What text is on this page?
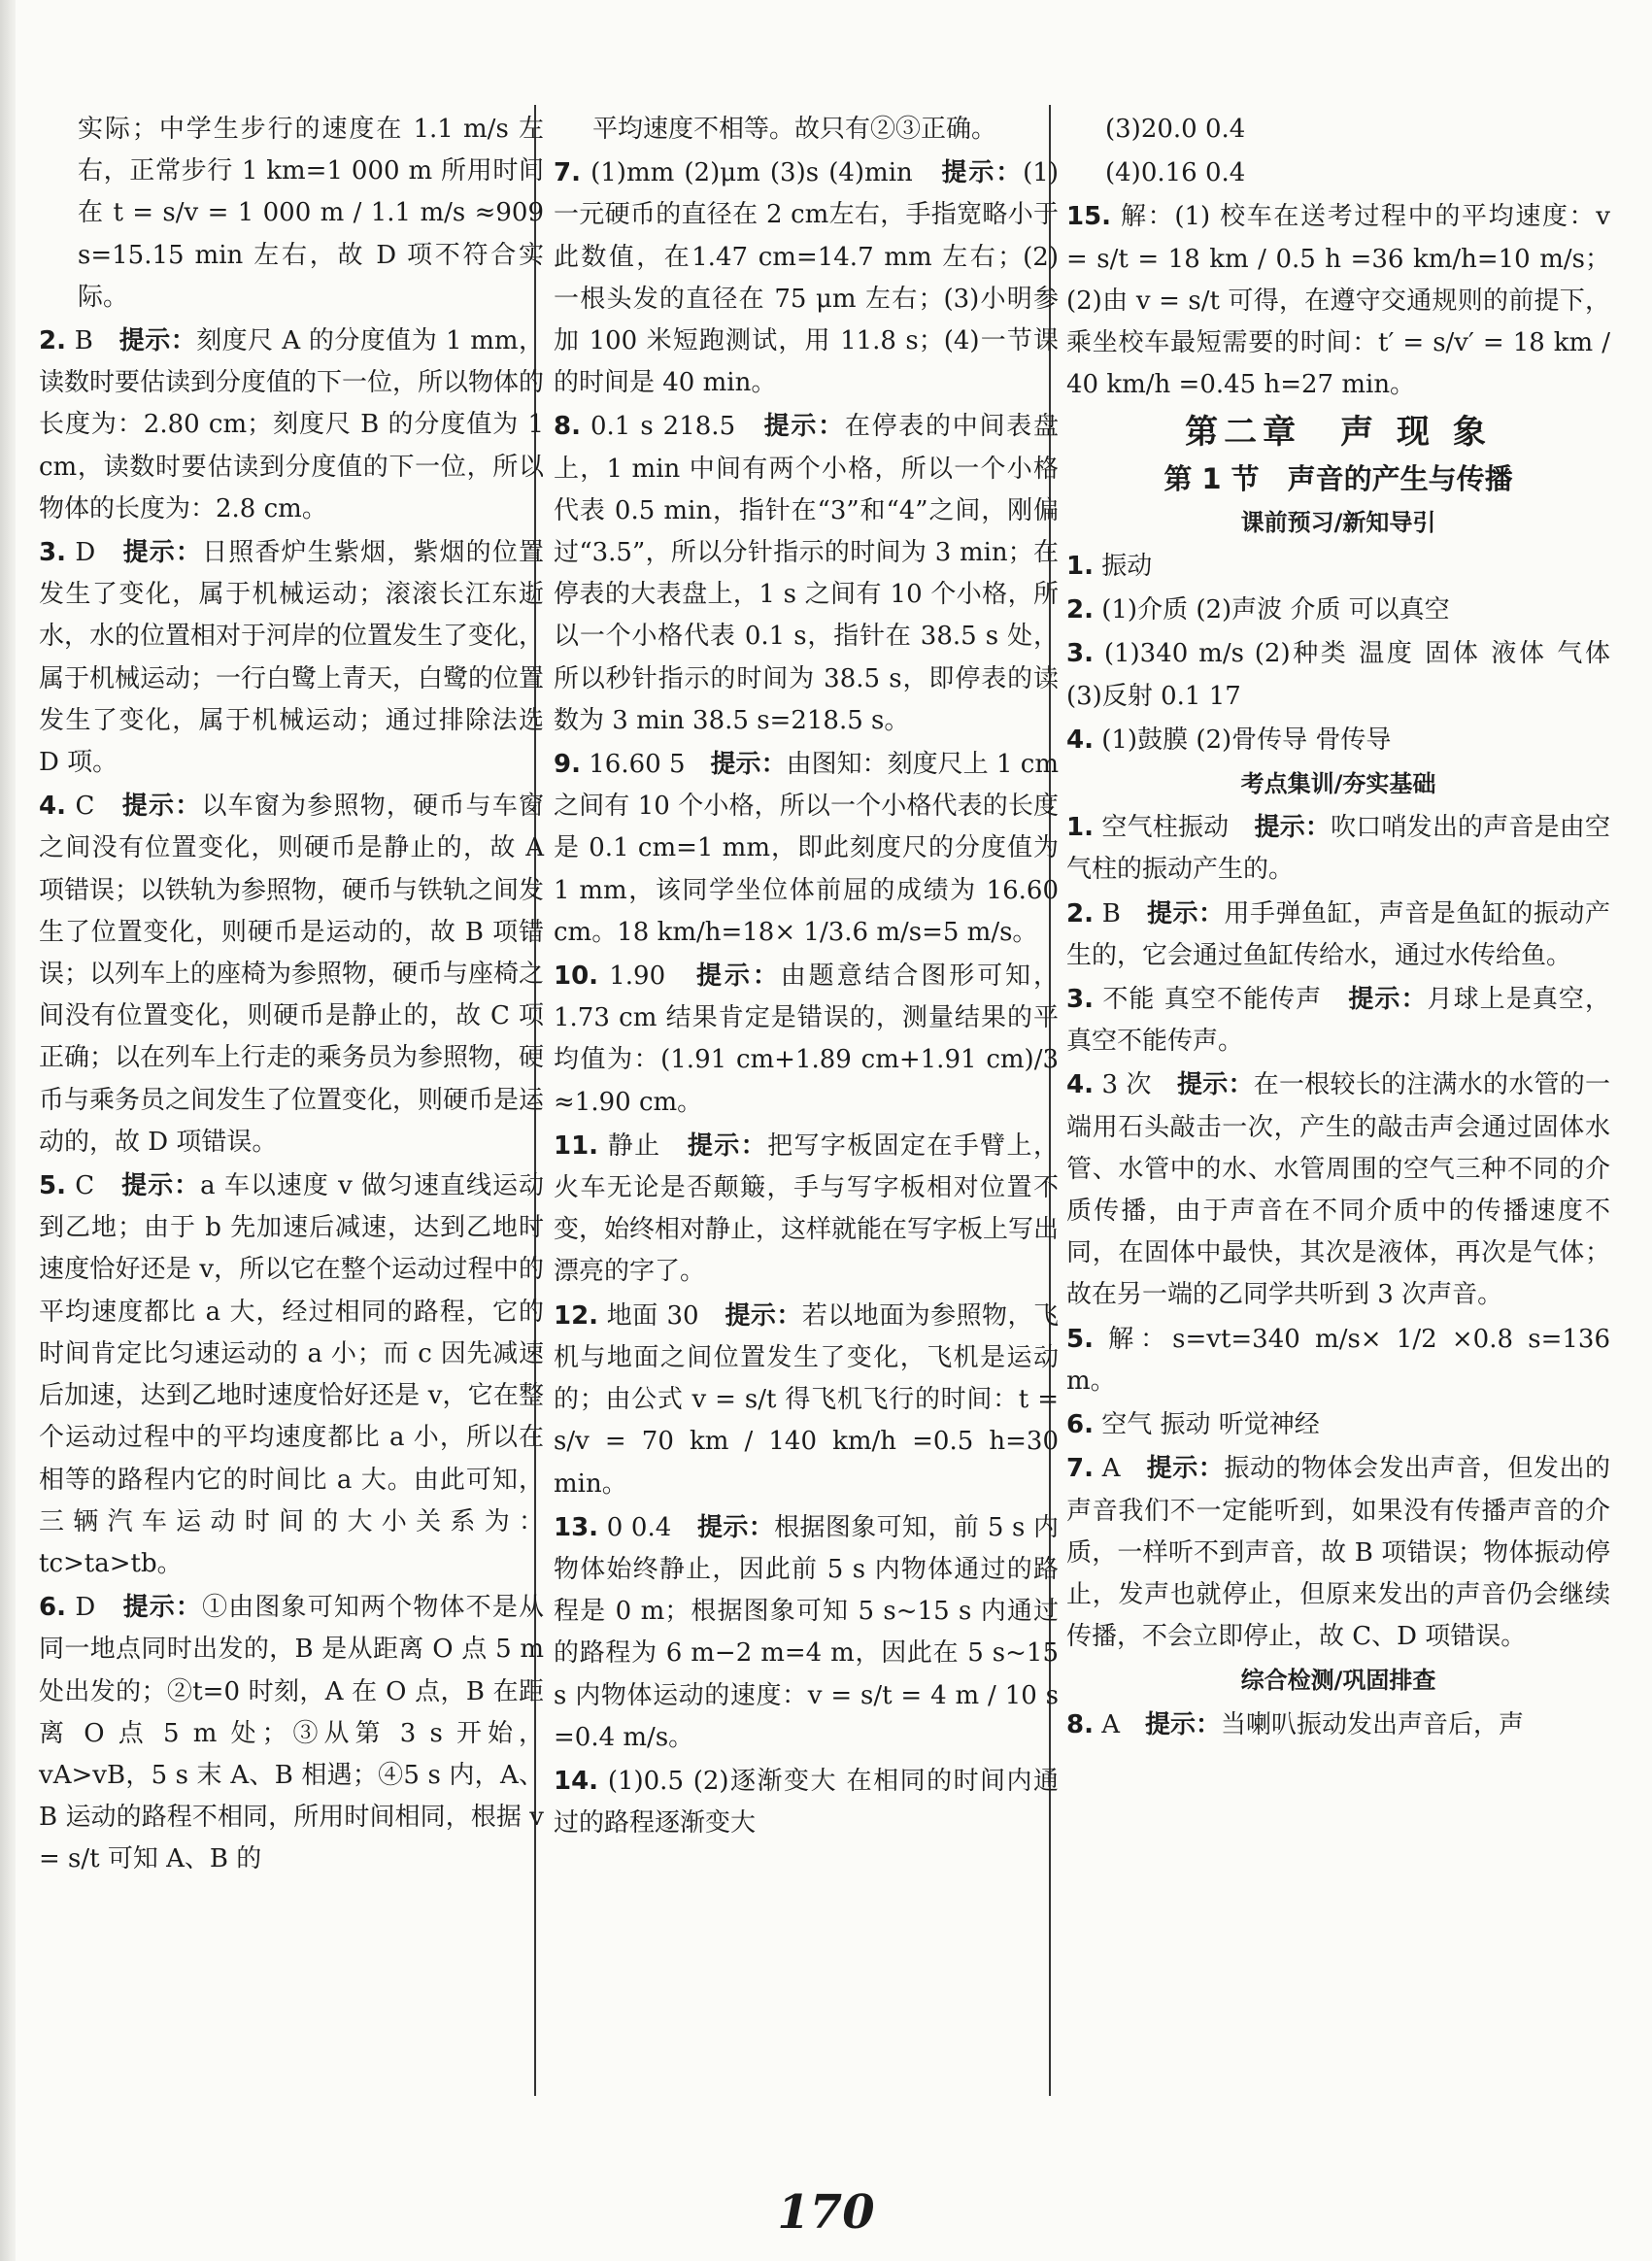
实际；中学生步行的速度在 1.1 m/s 左右，正常步行 1 km=1 000 m 所用时间在 t = s/v = 1 000 m / 1.1 m/s ≈909 s=15.15 min 左右，故 D 项不符合实际。
2. B　 提示：刻度尺 A 的分度值为 1 mm，读数时要估读到分度值的下一位，所以物体的长度为：2.80 cm；刻度尺 B 的分度值为 1 cm，读数时要估读到分度值的下一位，所以物体的长度为：2.8 cm。
3. D　 提示：日照香炉生紫烟，紫烟的位置发生了变化，属于机械运动；滚滚长江东逝水，水的位置相对于河岸的位置发生了变化，属于机械运动；一行白鹭上青天，白鹭的位置发生了变化，属于机械运动；通过排除法选 D 项。
4. C　 提示：以车窗为参照物，硬币与车窗之间没有位置变化，则硬币是静止的，故 A 项错误；以铁轨为参照物，硬币与铁轨之间发生了位置变化，则硬币是运动的，故 B 项错误；以列车上的座椅为参照物，硬币与座椅之间没有位置变化，则硬币是静止的，故 C 项正确；以在列车上行走的乘务员为参照物，硬币与乘务员之间发生了位置变化，则硬币是运动的，故 D 项错误。
5. C　 提示：a 车以速度 v 做匀速直线运动到乙地；由于 b 先加速后减速，达到乙地时速度恰好还是 v，所以它在整个运动过程中的平均速度都比 a 大，经过相同的路程，它的时间肯定比匀速运动的 a 小；而 c 因先减速后加速，达到乙地时速度恰好还是 v，它在整个运动过程中的平均速度都比 a 小，所以在相等的路程内它的时间比 a 大。由此可知，三辆汽车运动时间的大小关系为：tc>ta>tb。
6. D　 提示：①由图象可知两个物体不是从同一地点同时出发的，B 是从距离 O 点 5 m 处出发的；②t=0 时刻，A 在 O 点，B 在距离 O 点 5 m 处；③从第 3 s 开始，vA>vB，5 s 末 A、B 相遇；④5 s 内，A、B 运动的路程不相同，所用时间相同，根据 v = s/t 可知 A、B 的
平均速度不相等。故只有②③正确。
7. (1)mm (2)μm (3)s (4)min　 提示：(1)一元硬币的直径在 2 cm左右，手指宽略小于此数值，在1.47 cm=14.7 mm 左右；(2)一根头发的直径在 75 μm 左右；(3)小明参加 100 米短跑测试，用 11.8 s；(4)一节课的时间是 40 min。
8. 0.1 s 218.5　 提示：在停表的中间表盘上，1 min 中间有两个小格，所以一个小格代表 0.5 min，指针在“3”和“4”之间，刚偏过“3.5”，所以分针指示的时间为 3 min；在停表的大表盘上，1 s 之间有 10 个小格，所以一个小格代表 0.1 s，指针在 38.5 s 处，所以秒针指示的时间为 38.5 s，即停表的读数为 3 min 38.5 s=218.5 s。
9. 16.60 5　 提示：由图知：刻度尺上 1 cm 之间有 10 个小格，所以一个小格代表的长度是 0.1 cm=1 mm，即此刻度尺的分度值为 1 mm，该同学坐位体前屈的成绩为 16.60 cm。18 km/h=18× 1/3.6 m/s=5 m/s。
10. 1.90　 提示：由题意结合图形可知，1.73 cm 结果肯定是错误的，测量结果的平均值为：(1.91 cm+1.89 cm+1.91 cm)/3 ≈1.90 cm。
11. 静止　 提示：把写字板固定在手臂上，火车无论是否颠簸，手与写字板相对位置不变，始终相对静止，这样就能在写字板上写出漂亮的字了。
12. 地面 30　 提示：若以地面为参照物，飞机与地面之间位置发生了变化，飞机是运动的；由公式 v = s/t 得飞机飞行的时间：t = s/v = 70 km / 140 km/h =0.5 h=30 min。
13. 0 0.4　 提示：根据图象可知，前 5 s 内物体始终静止，因此前 5 s 内物体通过的路程是 0 m；根据图象可知 5 s~15 s 内通过的路程为 6 m−2 m=4 m，因此在 5 s~15 s 内物体运动的速度：v = s/t = 4 m / 10 s =0.4 m/s。
14. (1)0.5 (2)逐渐变大 在相同的时间内通过的路程逐渐变大
(3)20.0 0.4
(4)0.16 0.4
15. 解：(1) 校车在送考过程中的平均速度：v = s/t = 18 km / 0.5 h =36 km/h=10 m/s；(2)由 v = s/t 可得，在遵守交通规则的前提下，乘坐校车最短需要的时间：t′ = s/v′ = 18 km / 40 km/h =0.45 h=27 min。
第二章　声 现 象
第 1 节　声音的产生与传播
课前预习/新知导引
1. 振动
2. (1)介质 (2)声波 介质 可以真空
3. (1)340 m/s (2)种类 温度 固体 液体 气体 (3)反射 0.1 17
4. (1)鼓膜 (2)骨传导 骨传导
考点集训/夯实基础
1. 空气柱振动　 提示：吹口哨发出的声音是由空气柱的振动产生的。
2. B　 提示：用手弹鱼缸，声音是鱼缸的振动产生的，它会通过鱼缸传给水，通过水传给鱼。
3. 不能 真空不能传声　 提示：月球上是真空，真空不能传声。
4. 3 次　 提示：在一根较长的注满水的水管的一端用石头敲击一次，产生的敲击声会通过固体水管、水管中的水、水管周围的空气三种不同的介质传播，由于声音在不同介质中的传播速度不同，在固体中最快，其次是液体，再次是气体；故在另一端的乙同学共听到 3 次声音。
5. 解：s=vt=340 m/s× 1/2 ×0.8 s=136 m。
6. 空气 振动 听觉神经
7. A　 提示：振动的物体会发出声音，但发出的声音我们不一定能听到，如果没有传播声音的介质，一样听不到声音，故 B 项错误；物体振动停止，发声也就停止，但原来发出的声音仍会继续传播，不会立即停止，故 C、D 项错误。
综合检测/巩固排查
8. A　 提示：当喇叭振动发出声音后，声
170
